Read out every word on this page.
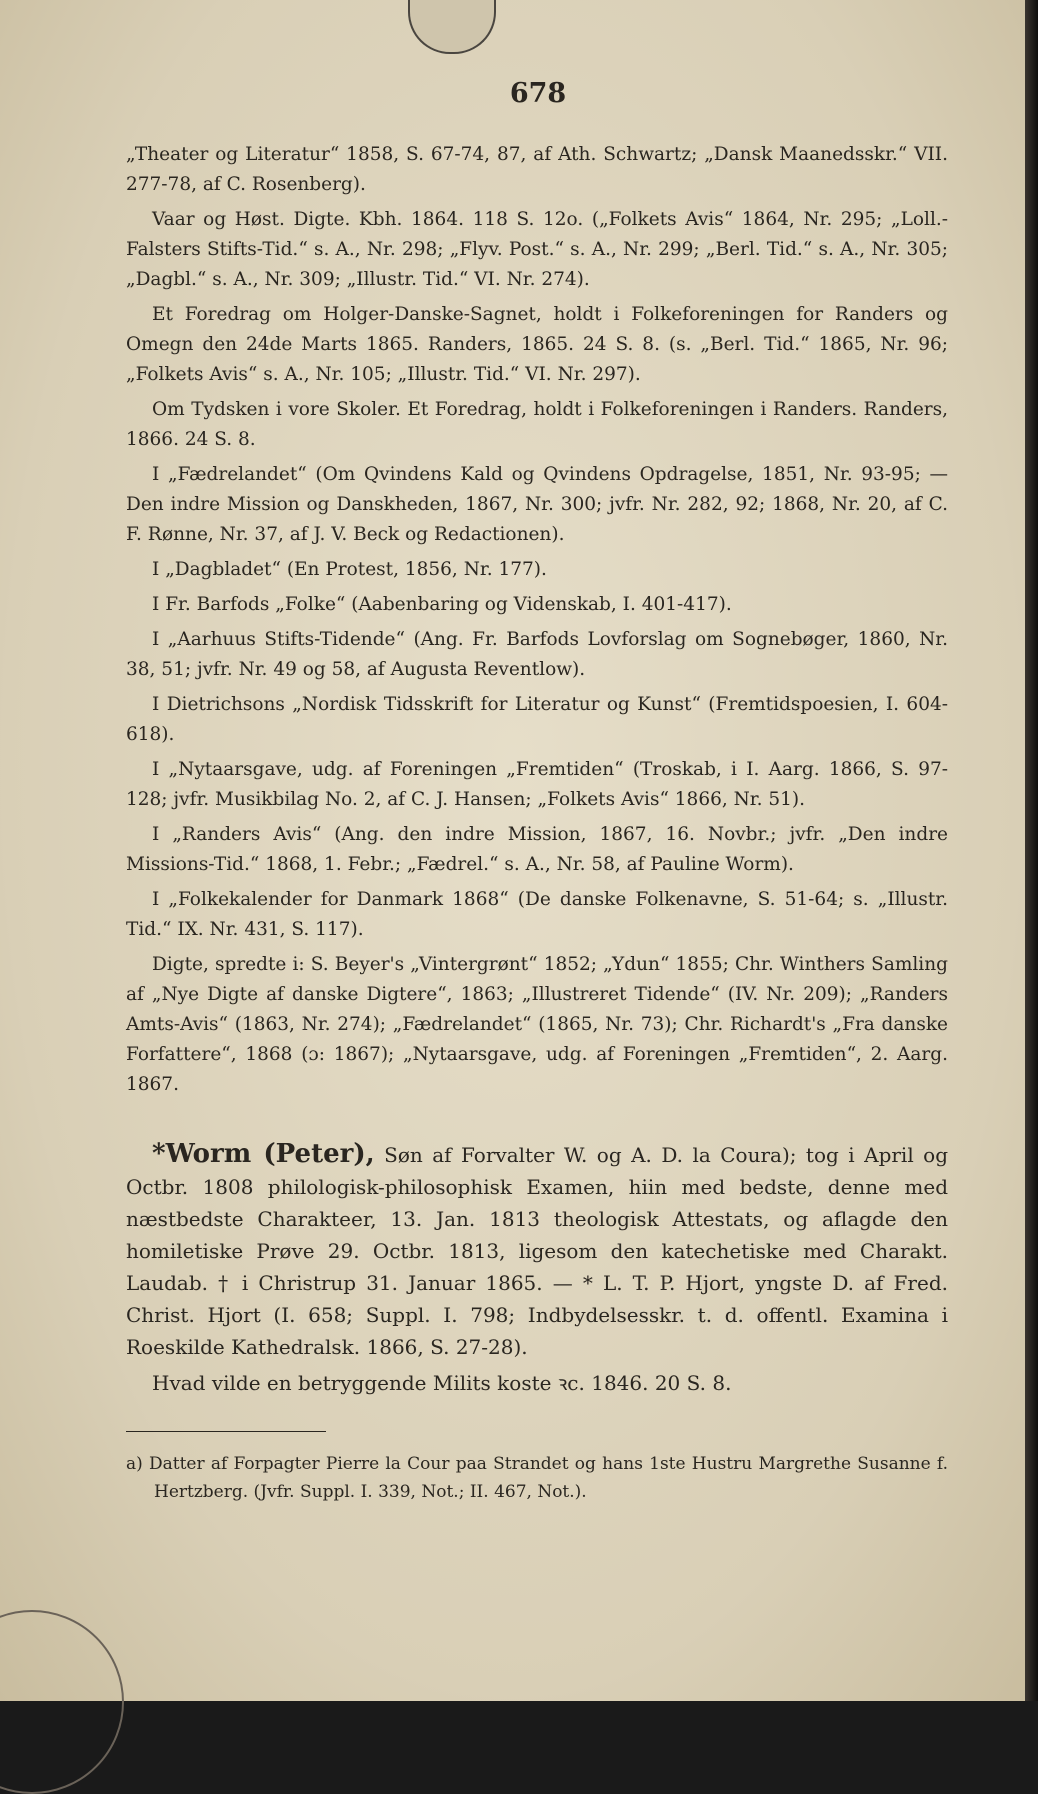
678

„Theater og Literatur“ 1858, S. 67-74, 87, af Ath. Schwartz; „Dansk Maanedsskr.“ VII. 277-78, af C. Rosenberg).

Vaar og Høst. Digte. Kbh. 1864. 118 S. 12o. („Folkets Avis“ 1864, Nr. 295; „Loll.-Falsters Stifts-Tid.“ s. A., Nr. 298; „Flyv. Post.“ s. A., Nr. 299; „Berl. Tid.“ s. A., Nr. 305; „Dagbl.“ s. A., Nr. 309; „Illustr. Tid.“ VI. Nr. 274).

Et Foredrag om Holger-Danske-Sagnet, holdt i Folkeforeningen for Randers og Omegn den 24de Marts 1865. Randers, 1865. 24 S. 8. (s. „Berl. Tid.“ 1865, Nr. 96; „Folkets Avis“ s. A., Nr. 105; „Illustr. Tid.“ VI. Nr. 297).

Om Tydsken i vore Skoler. Et Foredrag, holdt i Folkeforeningen i Randers. Randers, 1866. 24 S. 8.

I „Fædrelandet“ (Om Qvindens Kald og Qvindens Opdragelse, 1851, Nr. 93-95; — Den indre Mission og Danskheden, 1867, Nr. 300; jvfr. Nr. 282, 92; 1868, Nr. 20, af C. F. Rønne, Nr. 37, af J. V. Beck og Redactionen).

I „Dagbladet“ (En Protest, 1856, Nr. 177).

I Fr. Barfods „Folke“ (Aabenbaring og Videnskab, I. 401-417).

I „Aarhuus Stifts-Tidende“ (Ang. Fr. Barfods Lovforslag om Sognebøger, 1860, Nr. 38, 51; jvfr. Nr. 49 og 58, af Augusta Reventlow).

I Dietrichsons „Nordisk Tidsskrift for Literatur og Kunst“ (Fremtidspoesien, I. 604-618).

I „Nytaarsgave, udg. af Foreningen „Fremtiden“ (Troskab, i I. Aarg. 1866, S. 97-128; jvfr. Musikbilag No. 2, af C. J. Hansen; „Folkets Avis“ 1866, Nr. 51).

I „Randers Avis“ (Ang. den indre Mission, 1867, 16. Novbr.; jvfr. „Den indre Missions-Tid.“ 1868, 1. Febr.; „Fædrel.“ s. A., Nr. 58, af Pauline Worm).

I „Folkekalender for Danmark 1868“ (De danske Folkenavne, S. 51-64; s. „Illustr. Tid.“ IX. Nr. 431, S. 117).

Digte, spredte i: S. Beyer's „Vintergrønt“ 1852; „Ydun“ 1855; Chr. Winthers Samling af „Nye Digte af danske Digtere“, 1863; „Illustreret Tidende“ (IV. Nr. 209); „Randers Amts-Avis“ (1863, Nr. 274); „Fædrelandet“ (1865, Nr. 73); Chr. Richardt's „Fra danske Forfattere“, 1868 (ɔ: 1867); „Nytaarsgave, udg. af Foreningen „Fremtiden“, 2. Aarg. 1867.

*Worm (Peter), Søn af Forvalter W. og A. D. la Coura); tog i April og Octbr. 1808 philologisk-philosophisk Examen, hiin med bedste, denne med næstbedste Charakteer, 13. Jan. 1813 theologisk Attestats, og aflagde den homiletiske Prøve 29. Octbr. 1813, ligesom den katechetiske med Charakt. Laudab. † i Christrup 31. Januar 1865. — * L. T. P. Hjort, yngste D. af Fred. Christ. Hjort (I. 658; Suppl. I. 798; Indbydelsesskr. t. d. offentl. Examina i Roeskilde Kathedralsk. 1866, S. 27-28).
Hvad vilde en betryggende Milits koste ꝛc. 1846. 20 S. 8.
a) Datter af Forpagter Pierre la Cour paa Strandet og hans 1ste Hustru Margrethe Susanne f. Hertzberg. (Jvfr. Suppl. I. 339, Not.; II. 467, Not.).
